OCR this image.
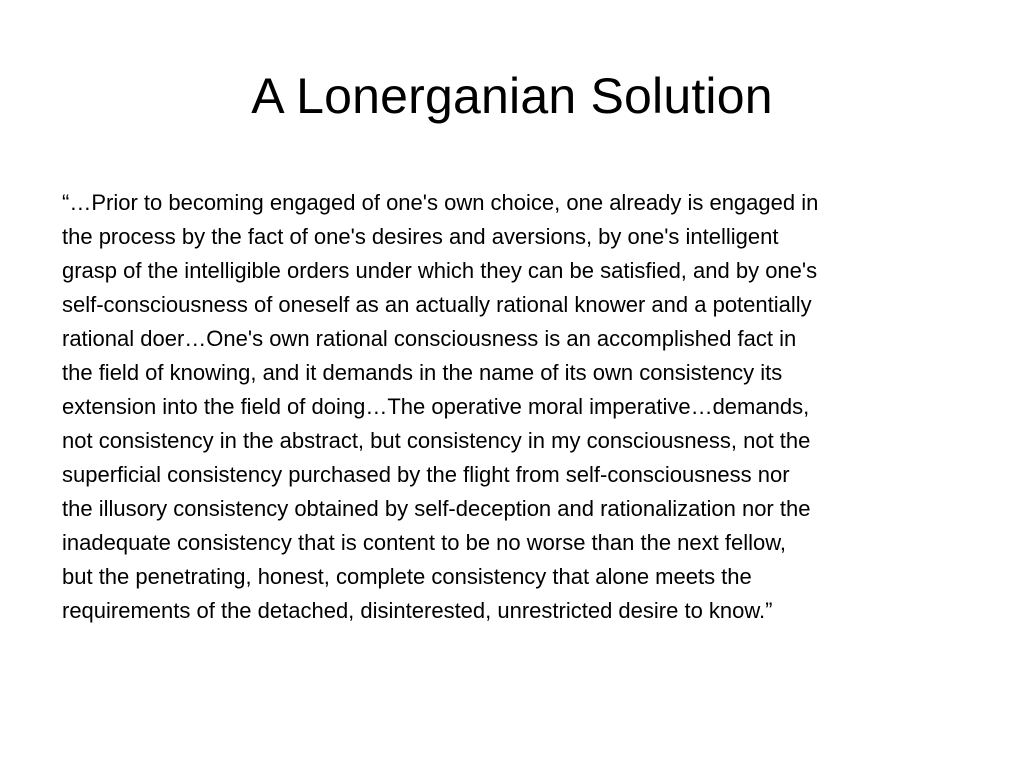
A Lonerganian Solution

“…Prior to becoming engaged of one's own choice, one already is engaged in
the process by the fact of one's desires and aversions, by one's intelligent
grasp of the intelligible orders under which they can be satisfied, and by one's
self-consciousness of oneself as an actually rational knower and a potentially
rational doer…One's own rational consciousness is an accomplished fact in
the field of knowing, and it demands in the name of its own consistency its
extension into the field of doing…The operative moral imperative…demands,
not consistency in the abstract, but consistency in my consciousness, not the
superficial consistency purchased by the flight from self-consciousness nor
the illusory consistency obtained by self-deception and rationalization nor the
inadequate consistency that is content to be no worse than the next fellow,
but the penetrating, honest, complete consistency that alone meets the
requirements of the detached, disinterested, unrestricted desire to know.”
